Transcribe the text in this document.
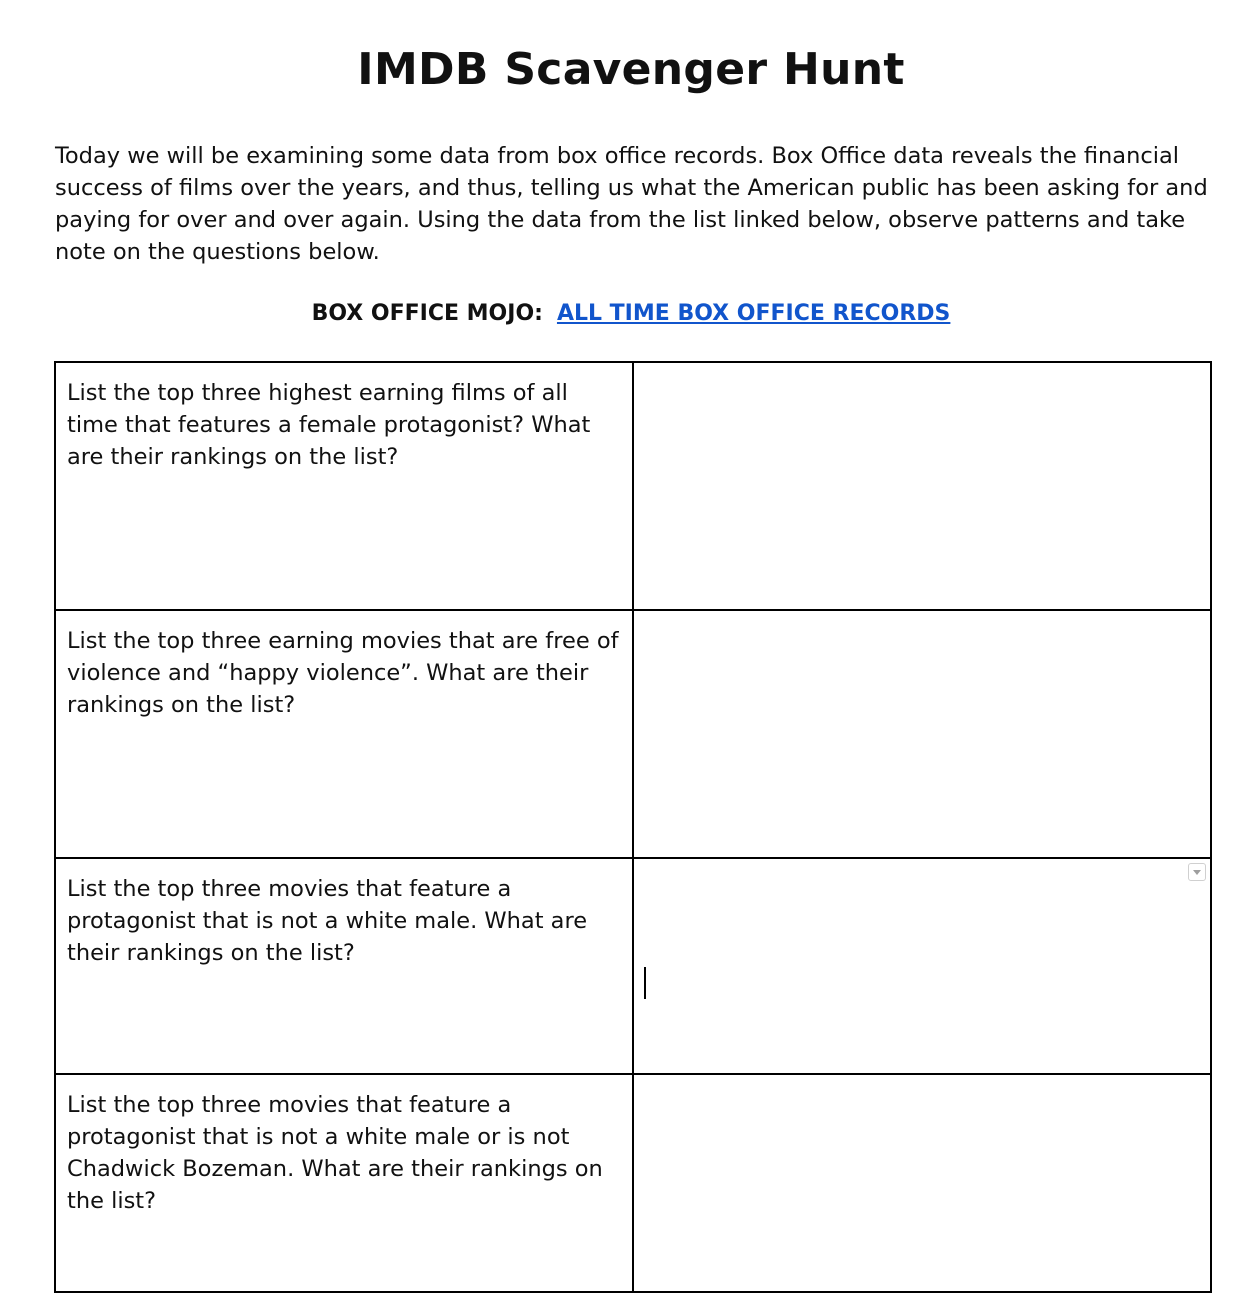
IMDB Scavenger Hunt

Today we will be examining some data from box office records. Box Office data reveals the financial success of films over the years, and thus, telling us what the American public has been asking for and paying for over and over again. Using the data from the list linked below, observe patterns and take note on the questions below.

BOX OFFICE MOJO: ALL TIME BOX OFFICE RECORDS

List the top three highest earning films of all time that features a female protagonist? What are their rankings on the list?	

List the top three earning movies that are free of violence and “happy violence”. What are their rankings on the list?	

List the top three movies that feature a protagonist that is not a white male. What are their rankings on the list?	

List the top three movies that feature a protagonist that is not a white male or is not Chadwick Bozeman. What are their rankings on the list?	
